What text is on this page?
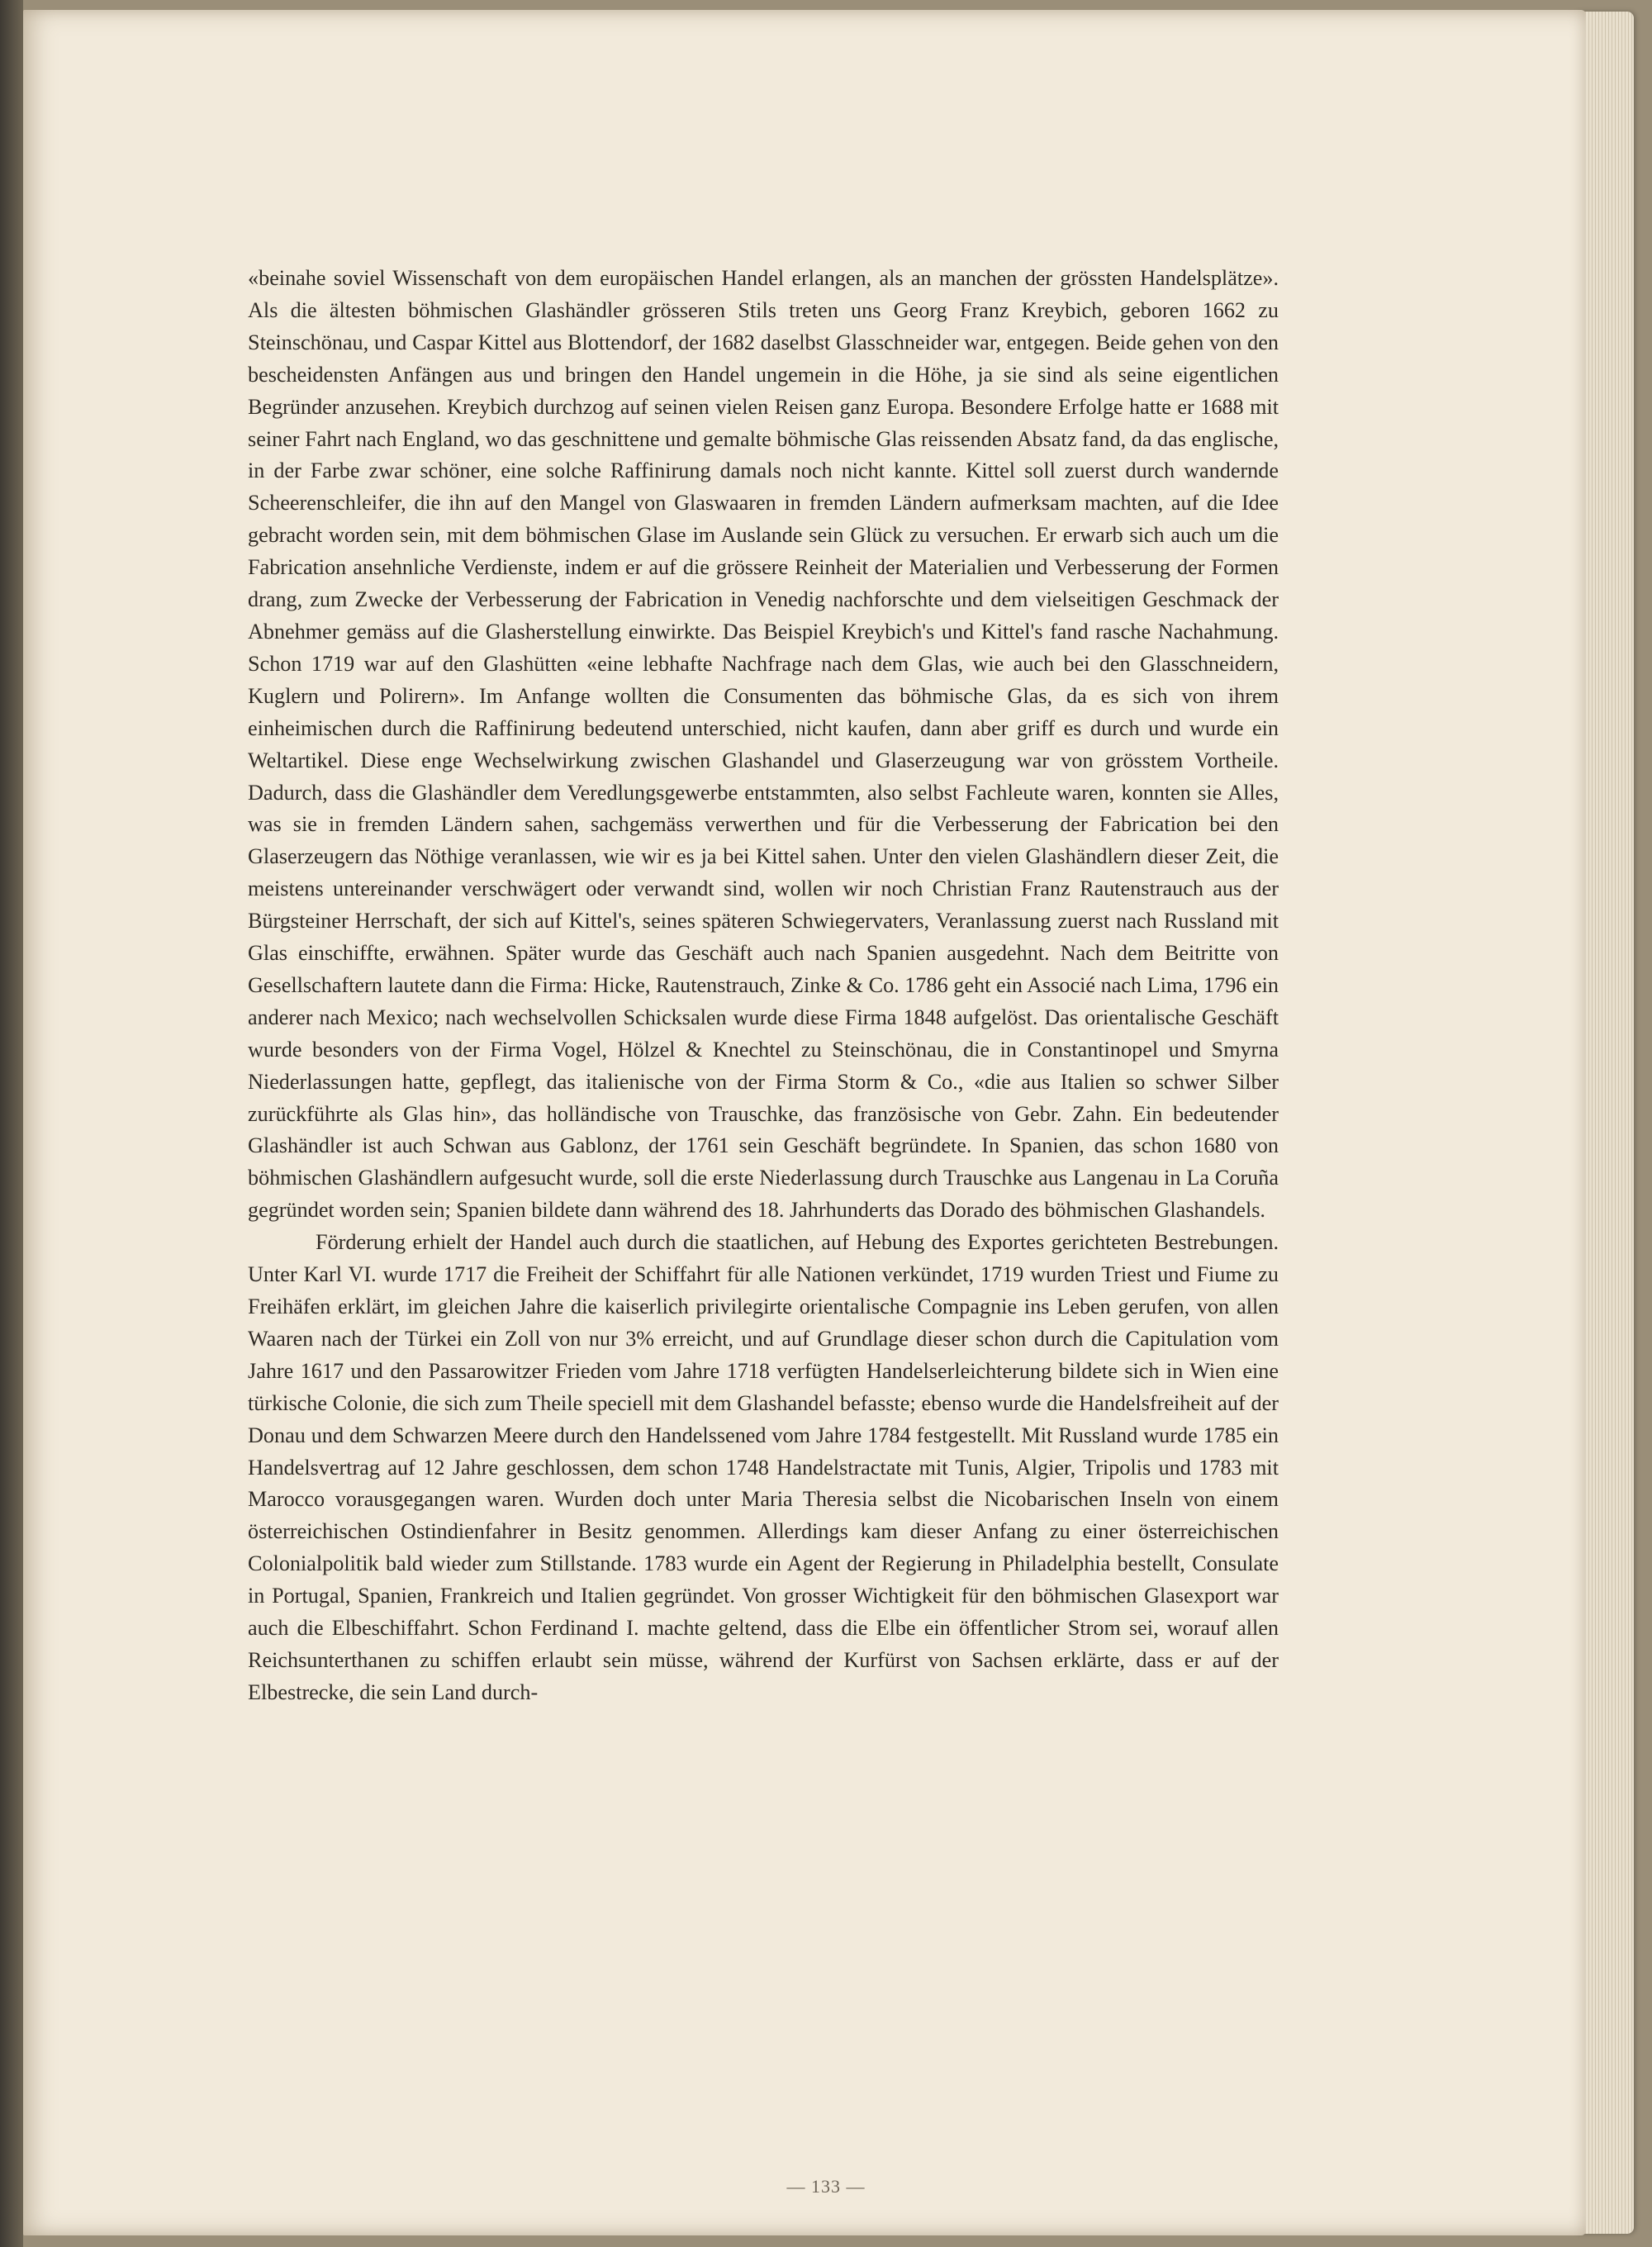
«beinahe soviel Wissenschaft von dem europäischen Handel erlangen, als an manchen der grössten Handelsplätze». Als die ältesten böhmischen Glashändler grösseren Stils treten uns Georg Franz Kreybich, geboren 1662 zu Steinschönau, und Caspar Kittel aus Blottendorf, der 1682 daselbst Glasschneider war, entgegen. Beide gehen von den bescheidensten Anfängen aus und bringen den Handel ungemein in die Höhe, ja sie sind als seine eigentlichen Begründer anzusehen. Kreybich durchzog auf seinen vielen Reisen ganz Europa. Besondere Erfolge hatte er 1688 mit seiner Fahrt nach England, wo das geschnittene und gemalte böhmische Glas reissenden Absatz fand, da das englische, in der Farbe zwar schöner, eine solche Raffinirung damals noch nicht kannte. Kittel soll zuerst durch wandernde Scheerenschleifer, die ihn auf den Mangel von Glaswaaren in fremden Ländern aufmerksam machten, auf die Idee gebracht worden sein, mit dem böhmischen Glase im Auslande sein Glück zu versuchen. Er erwarb sich auch um die Fabrication ansehnliche Verdienste, indem er auf die grössere Reinheit der Materialien und Verbesserung der Formen drang, zum Zwecke der Verbesserung der Fabrication in Venedig nachforschte und dem vielseitigen Geschmack der Abnehmer gemäss auf die Glasherstellung einwirkte. Das Beispiel Kreybich's und Kittel's fand rasche Nachahmung. Schon 1719 war auf den Glashütten «eine lebhafte Nachfrage nach dem Glas, wie auch bei den Glasschneidern, Kuglern und Polirern». Im Anfange wollten die Consumenten das böhmische Glas, da es sich von ihrem einheimischen durch die Raffinirung bedeutend unterschied, nicht kaufen, dann aber griff es durch und wurde ein Weltartikel. Diese enge Wechselwirkung zwischen Glashandel und Glaserzeugung war von grösstem Vortheile. Dadurch, dass die Glashändler dem Veredlungsgewerbe entstammten, also selbst Fachleute waren, konnten sie Alles, was sie in fremden Ländern sahen, sachgemäss verwerthen und für die Verbesserung der Fabrication bei den Glaserzeugern das Nöthige veranlassen, wie wir es ja bei Kittel sahen. Unter den vielen Glashändlern dieser Zeit, die meistens untereinander verschwägert oder verwandt sind, wollen wir noch Christian Franz Rautenstrauch aus der Bürgsteiner Herrschaft, der sich auf Kittel's, seines späteren Schwiegervaters, Veranlassung zuerst nach Russland mit Glas einschiffte, erwähnen. Später wurde das Geschäft auch nach Spanien ausgedehnt. Nach dem Beitritte von Gesellschaftern lautete dann die Firma: Hicke, Rautenstrauch, Zinke & Co. 1786 geht ein Associé nach Lima, 1796 ein anderer nach Mexico; nach wechselvollen Schicksalen wurde diese Firma 1848 aufgelöst. Das orientalische Geschäft wurde besonders von der Firma Vogel, Hölzel & Knechtel zu Steinschönau, die in Constantinopel und Smyrna Niederlassungen hatte, gepflegt, das italienische von der Firma Storm & Co., «die aus Italien so schwer Silber zurückführte als Glas hin», das holländische von Trauschke, das französische von Gebr. Zahn. Ein bedeutender Glashändler ist auch Schwan aus Gablonz, der 1761 sein Geschäft begründete. In Spanien, das schon 1680 von böhmischen Glashändlern aufgesucht wurde, soll die erste Niederlassung durch Trauschke aus Langenau in La Coruña gegründet worden sein; Spanien bildete dann während des 18. Jahrhunderts das Dorado des böhmischen Glashandels.

Förderung erhielt der Handel auch durch die staatlichen, auf Hebung des Exportes gerichteten Bestrebungen. Unter Karl VI. wurde 1717 die Freiheit der Schiffahrt für alle Nationen verkündet, 1719 wurden Triest und Fiume zu Freihäfen erklärt, im gleichen Jahre die kaiserlich privilegirte orientalische Compagnie ins Leben gerufen, von allen Waaren nach der Türkei ein Zoll von nur 3% erreicht, und auf Grundlage dieser schon durch die Capitulation vom Jahre 1617 und den Passarowitzer Frieden vom Jahre 1718 verfügten Handelserleichterung bildete sich in Wien eine türkische Colonie, die sich zum Theile speciell mit dem Glashandel befasste; ebenso wurde die Handelsfreiheit auf der Donau und dem Schwarzen Meere durch den Handelssened vom Jahre 1784 festgestellt. Mit Russland wurde 1785 ein Handelsvertrag auf 12 Jahre geschlossen, dem schon 1748 Handelstractate mit Tunis, Algier, Tripolis und 1783 mit Marocco vorausgegangen waren. Wurden doch unter Maria Theresia selbst die Nicobarischen Inseln von einem österreichischen Ostindienfahrer in Besitz genommen. Allerdings kam dieser Anfang zu einer österreichischen Colonialpolitik bald wieder zum Stillstande. 1783 wurde ein Agent der Regierung in Philadelphia bestellt, Consulate in Portugal, Spanien, Frankreich und Italien gegründet. Von grosser Wichtigkeit für den böhmischen Glasexport war auch die Elbeschiffahrt. Schon Ferdinand I. machte geltend, dass die Elbe ein öffentlicher Strom sei, worauf allen Reichsunterthanen zu schiffen erlaubt sein müsse, während der Kurfürst von Sachsen erklärte, dass er auf der Elbestrecke, die sein Land durch-

— 133 —
